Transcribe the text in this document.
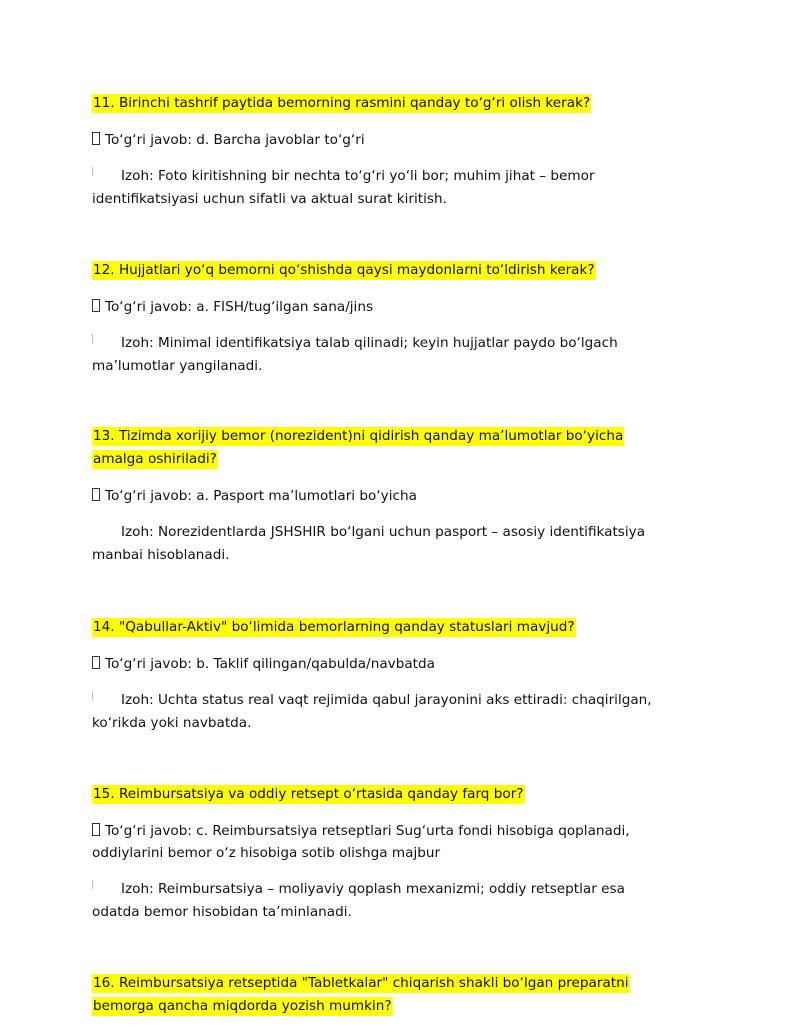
11. Birinchi tashrif paytida bemorning rasmini qanday to‘g‘ri olish kerak?

To‘g‘ri javob: d. Barcha javoblar to‘g‘ri

Izoh: Foto kiritishning bir nechta to‘g‘ri yo‘li bor; muhim jihat – bemor identifikatsiyasi uchun sifatli va aktual surat kiritish.

12. Hujjatlari yo‘q bemorni qo‘shishda qaysi maydonlarni to‘ldirish kerak?

To‘g‘ri javob: a. FISH/tug‘ilgan sana/jins

Izoh: Minimal identifikatsiya talab qilinadi; keyin hujjatlar paydo bo‘lgach ma’lumotlar yangilanadi.

13. Tizimda xorijiy bemor (norezident)ni qidirish qanday ma’lumotlar bo‘yicha amalga oshiriladi?

To‘g‘ri javob: a. Pasport ma’lumotlari bo‘yicha

Izoh: Norezidentlarda JSHSHIR bo‘lgani uchun pasport – asosiy identifikatsiya manbai hisoblanadi.

14. "Qabullar-Aktiv" bo‘limida bemorlarning qanday statuslari mavjud?

To‘g‘ri javob: b. Taklif qilingan/qabulda/navbatda

Izoh: Uchta status real vaqt rejimida qabul jarayonini aks ettiradi: chaqirilgan, ko‘rikda yoki navbatda.

15. Reimbursatsiya va oddiy retsept o‘rtasida qanday farq bor?

To‘g‘ri javob: c. Reimbursatsiya retseptlari Sug‘urta fondi hisobiga qoplanadi, oddiylarini bemor o‘z hisobiga sotib olishga majbur

Izoh: Reimbursatsiya – moliyaviy qoplash mexanizmi; oddiy retseptlar esa odatda bemor hisobidan ta’minlanadi.

16. Reimbursatsiya retseptida "Tabletkalar" chiqarish shakli bo‘lgan preparatni bemorga qancha miqdorda yozish mumkin?
